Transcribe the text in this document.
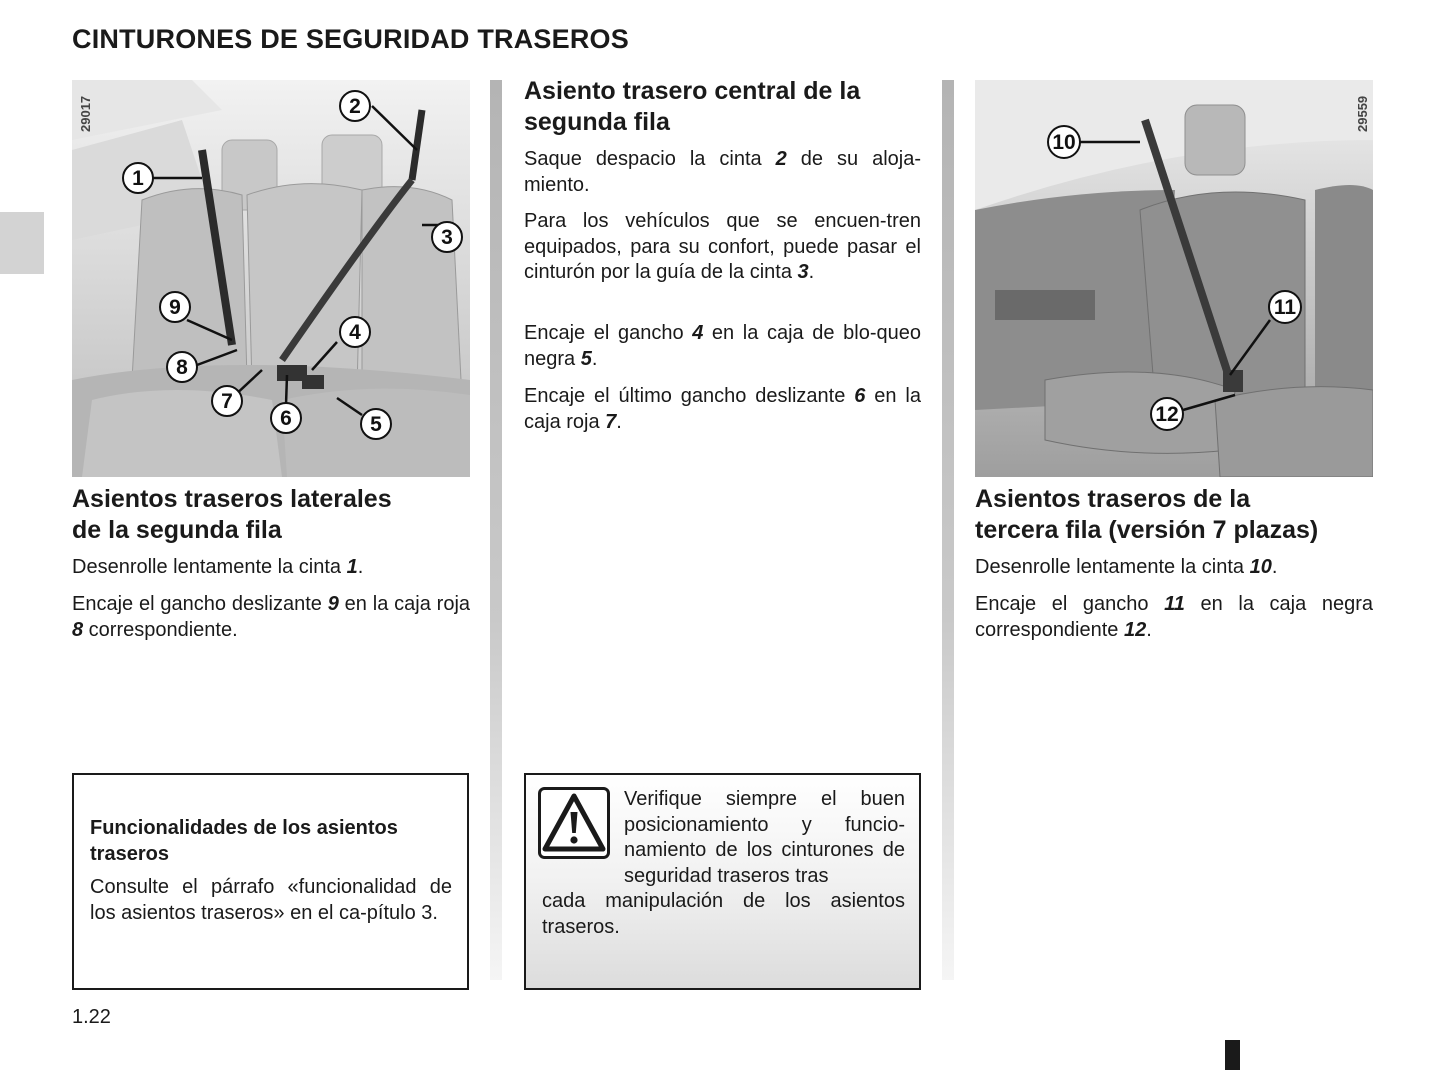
CINTURONES DE SEGURIDAD TRASEROS
29017
1
2
3
4
5
6
7
8
9
29559
10
11
12
Asientos traseros laterales
de la segunda fila

Desenrolle lentamente la cinta 1.

Encaje el gancho deslizante 9 en la caja roja 8 correspondiente.

Asiento trasero central de la
segunda fila

Saque despacio la cinta 2 de su aloja-miento.

Para los vehículos que se encuen-tren equipados, para su confort, puede pasar el cinturón por la guía de la cinta 3.

Encaje el gancho 4 en la caja de blo-queo negra 5.

Encaje el último gancho deslizante 6 en la caja roja 7.

Asientos traseros de la
tercera fila (versión 7 plazas)

Desenrolle lentamente la cinta 10.

Encaje el gancho 11 en la caja negra correspondiente 12.

Funcionalidades de los asientos traseros

Consulte el párrafo «funcionalidad de los asientos traseros» en el ca-pítulo 3.

Verifique siempre el buen posicionamiento y funcio-namiento de los cinturones de seguridad traseros tras

cada manipulación de los asientos traseros.

1.22
